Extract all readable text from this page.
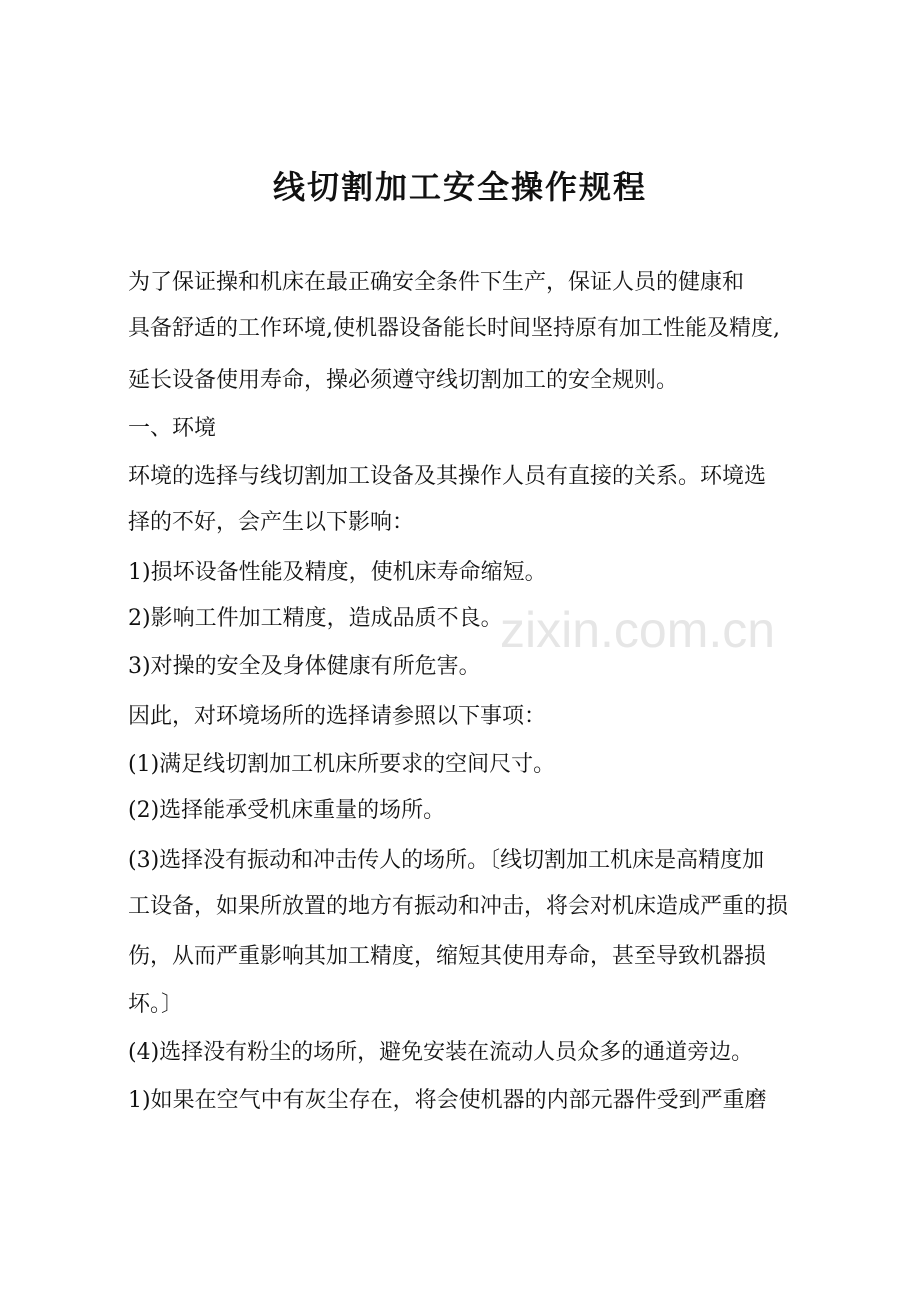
线切割加工安全操作规程

为了保证操和机床在最正确安全条件下生产，保证人员的健康和

具备舒适的工作环境,使机器设备能长时间坚持原有加工性能及精度,

延长设备使用寿命，操必须遵守线切割加工的安全规则。

一、环境

环境的选择与线切割加工设备及其操作人员有直接的关系。环境选

择的不好，会产生以下影响：

1)损坏设备性能及精度，使机床寿命缩短。

2)影响工件加工精度，造成品质不良。

3)对操的安全及身体健康有所危害。

因此，对环境场所的选择请参照以下事项：

(1)满足线切割加工机床所要求的空间尺寸。

(2)选择能承受机床重量的场所。

(3)选择没有振动和冲击传人的场所。〔线切割加工机床是高精度加

工设备，如果所放置的地方有振动和冲击，将会对机床造成严重的损

伤，从而严重影响其加工精度，缩短其使用寿命，甚至导致机器损

坏。〕

(4)选择没有粉尘的场所，避免安装在流动人员众多的通道旁边。

1)如果在空气中有灰尘存在，将会使机器的内部元器件受到严重磨

zixin.com.cn
